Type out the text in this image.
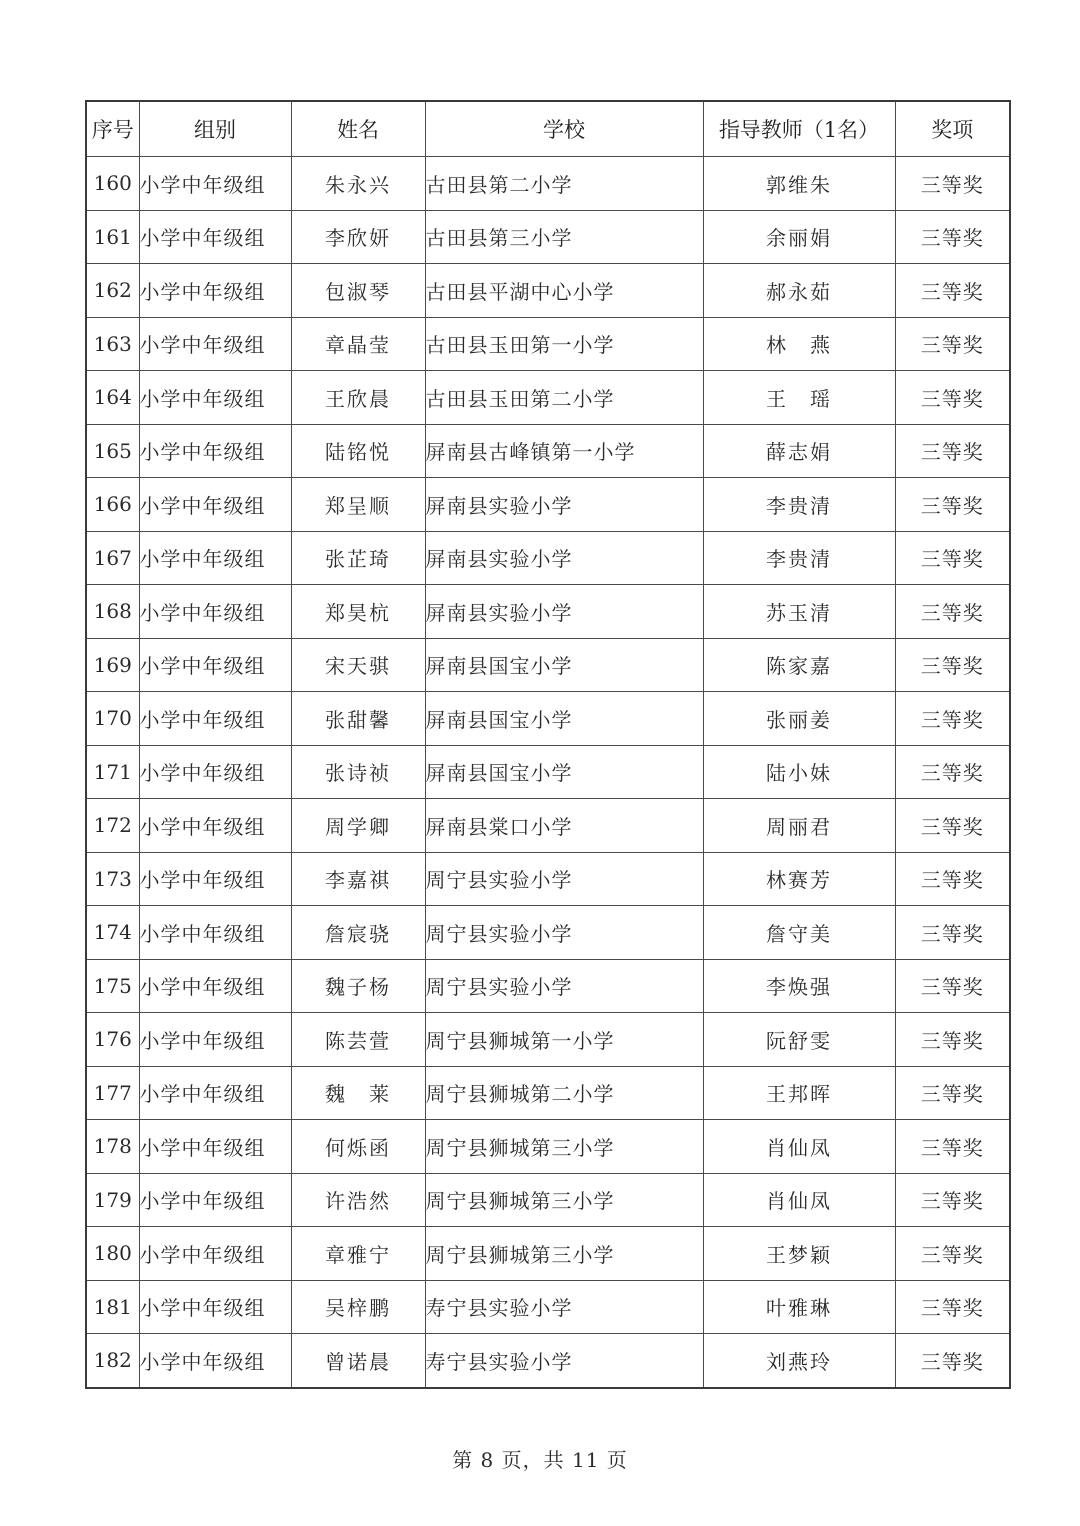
序号	组别	姓名	学校	指导教师（1名）	奖项
160	小学中年级组	朱永兴	古田县第二小学	郭维朱	三等奖
161	小学中年级组	李欣妍	古田县第三小学	余丽娟	三等奖
162	小学中年级组	包淑琴	古田县平湖中心小学	郝永茹	三等奖
163	小学中年级组	章晶莹	古田县玉田第一小学	林　燕	三等奖
164	小学中年级组	王欣晨	古田县玉田第二小学	王　瑶	三等奖
165	小学中年级组	陆铭悦	屏南县古峰镇第一小学	薛志娟	三等奖
166	小学中年级组	郑呈顺	屏南县实验小学	李贵清	三等奖
167	小学中年级组	张芷琦	屏南县实验小学	李贵清	三等奖
168	小学中年级组	郑昊杭	屏南县实验小学	苏玉清	三等奖
169	小学中年级组	宋天骐	屏南县国宝小学	陈家嘉	三等奖
170	小学中年级组	张甜馨	屏南县国宝小学	张丽姜	三等奖
171	小学中年级组	张诗祯	屏南县国宝小学	陆小妹	三等奖
172	小学中年级组	周学卿	屏南县棠口小学	周丽君	三等奖
173	小学中年级组	李嘉祺	周宁县实验小学	林赛芳	三等奖
174	小学中年级组	詹宸骁	周宁县实验小学	詹守美	三等奖
175	小学中年级组	魏子杨	周宁县实验小学	李焕强	三等奖
176	小学中年级组	陈芸萱	周宁县狮城第一小学	阮舒雯	三等奖
177	小学中年级组	魏　莱	周宁县狮城第二小学	王邦晖	三等奖
178	小学中年级组	何烁函	周宁县狮城第三小学	肖仙凤	三等奖
179	小学中年级组	许浩然	周宁县狮城第三小学	肖仙凤	三等奖
180	小学中年级组	章雅宁	周宁县狮城第三小学	王梦颖	三等奖
181	小学中年级组	吴梓鹏	寿宁县实验小学	叶雅琳	三等奖
182	小学中年级组	曾诺晨	寿宁县实验小学	刘燕玲	三等奖
第 8 页，共 11 页
